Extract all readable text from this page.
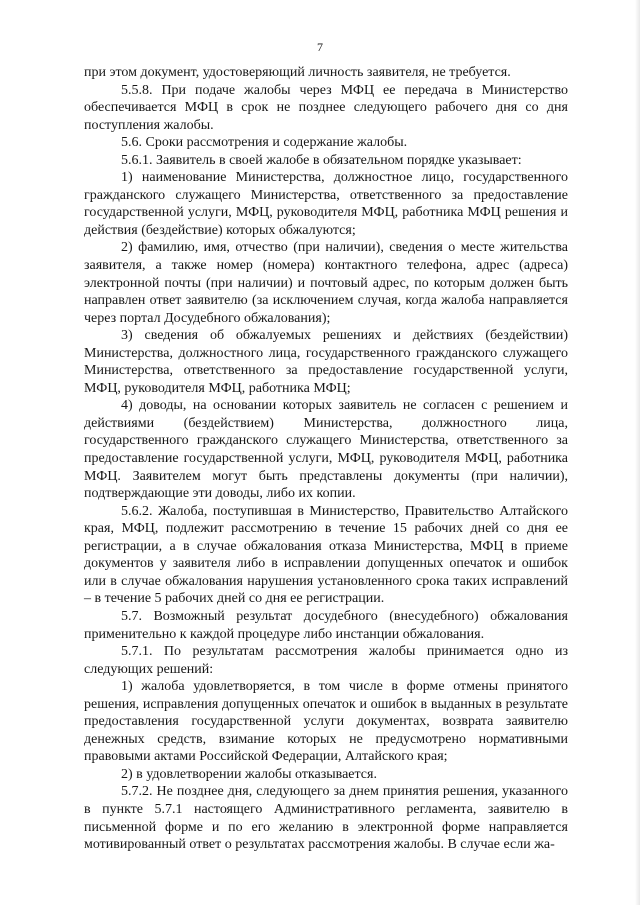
7

при этом документ, удостоверяющий личность заявителя, не требуется.

5.5.8. При подаче жалобы через МФЦ ее передача в Министерство обеспечивается МФЦ в срок не позднее следующего рабочего дня со дня поступления жалобы.

5.6. Сроки рассмотрения и содержание жалобы.

5.6.1. Заявитель в своей жалобе в обязательном порядке указывает:

1) наименование Министерства, должностное лицо, государственного гражданского служащего Министерства, ответственного за предоставление государственной услуги, МФЦ, руководителя МФЦ, работника МФЦ решения и действия (бездействие) которых обжалуются;

2) фамилию, имя, отчество (при наличии), сведения о месте жительства заявителя, а также номер (номера) контактного телефона, адрес (адреса) электронной почты (при наличии) и почтовый адрес, по которым должен быть направлен ответ заявителю (за исключением случая, когда жалоба направляется через портал Досудебного обжалования);

3) сведения об обжалуемых решениях и действиях (бездействии) Министерства, должностного лица, государственного гражданского служащего Министерства, ответственного за предоставление государственной услуги, МФЦ, руководителя МФЦ, работника МФЦ;

4) доводы, на основании которых заявитель не согласен с решением и действиями (бездействием) Министерства, должностного лица, государственного гражданского служащего Министерства, ответственного за предоставление государственной услуги, МФЦ, руководителя МФЦ, работника МФЦ. Заявителем могут быть представлены документы (при наличии), подтверждающие эти доводы, либо их копии.

5.6.2. Жалоба, поступившая в Министерство, Правительство Алтайского края, МФЦ, подлежит рассмотрению в течение 15 рабочих дней со дня ее регистрации, а в случае обжалования отказа Министерства, МФЦ в приеме документов у заявителя либо в исправлении допущенных опечаток и ошибок или в случае обжалования нарушения установленного срока таких исправлений – в течение 5 рабочих дней со дня ее регистрации.

5.7. Возможный результат досудебного (внесудебного) обжалования применительно к каждой процедуре либо инстанции обжалования.

5.7.1. По результатам рассмотрения жалобы принимается одно из следующих решений:

1) жалоба удовлетворяется, в том числе в форме отмены принятого решения, исправления допущенных опечаток и ошибок в выданных в результате предоставления государственной услуги документах, возврата заявителю денежных средств, взимание которых не предусмотрено нормативными правовыми актами Российской Федерации, Алтайского края;

2) в удовлетворении жалобы отказывается.

5.7.2. Не позднее дня, следующего за днем принятия решения, указанного в пункте 5.7.1 настоящего Административного регламента, заявителю в письменной форме и по его желанию в электронной форме направляется мотивированный ответ о результатах рассмотрения жалобы. В случае если жа-
